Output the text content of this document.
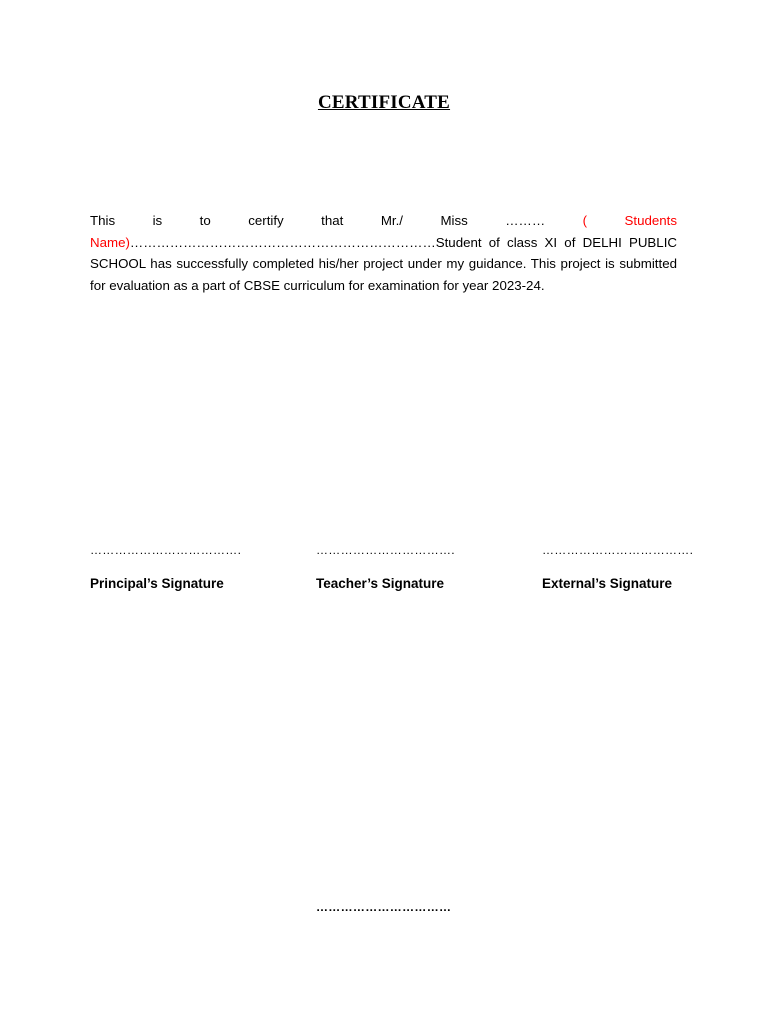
CERTIFICATE
This is to certify that Mr./ Miss ……… ( Students Name)……………………………………………………………Student of class XI of DELHI PUBLIC SCHOOL has successfully completed his/her project under my guidance. This project is submitted for evaluation as a part of CBSE curriculum for examination for year 2023-24.
……………………………….
Principal’s Signature
…………………………….
Teacher’s Signature
……………………………….
External’s Signature
……………………………
